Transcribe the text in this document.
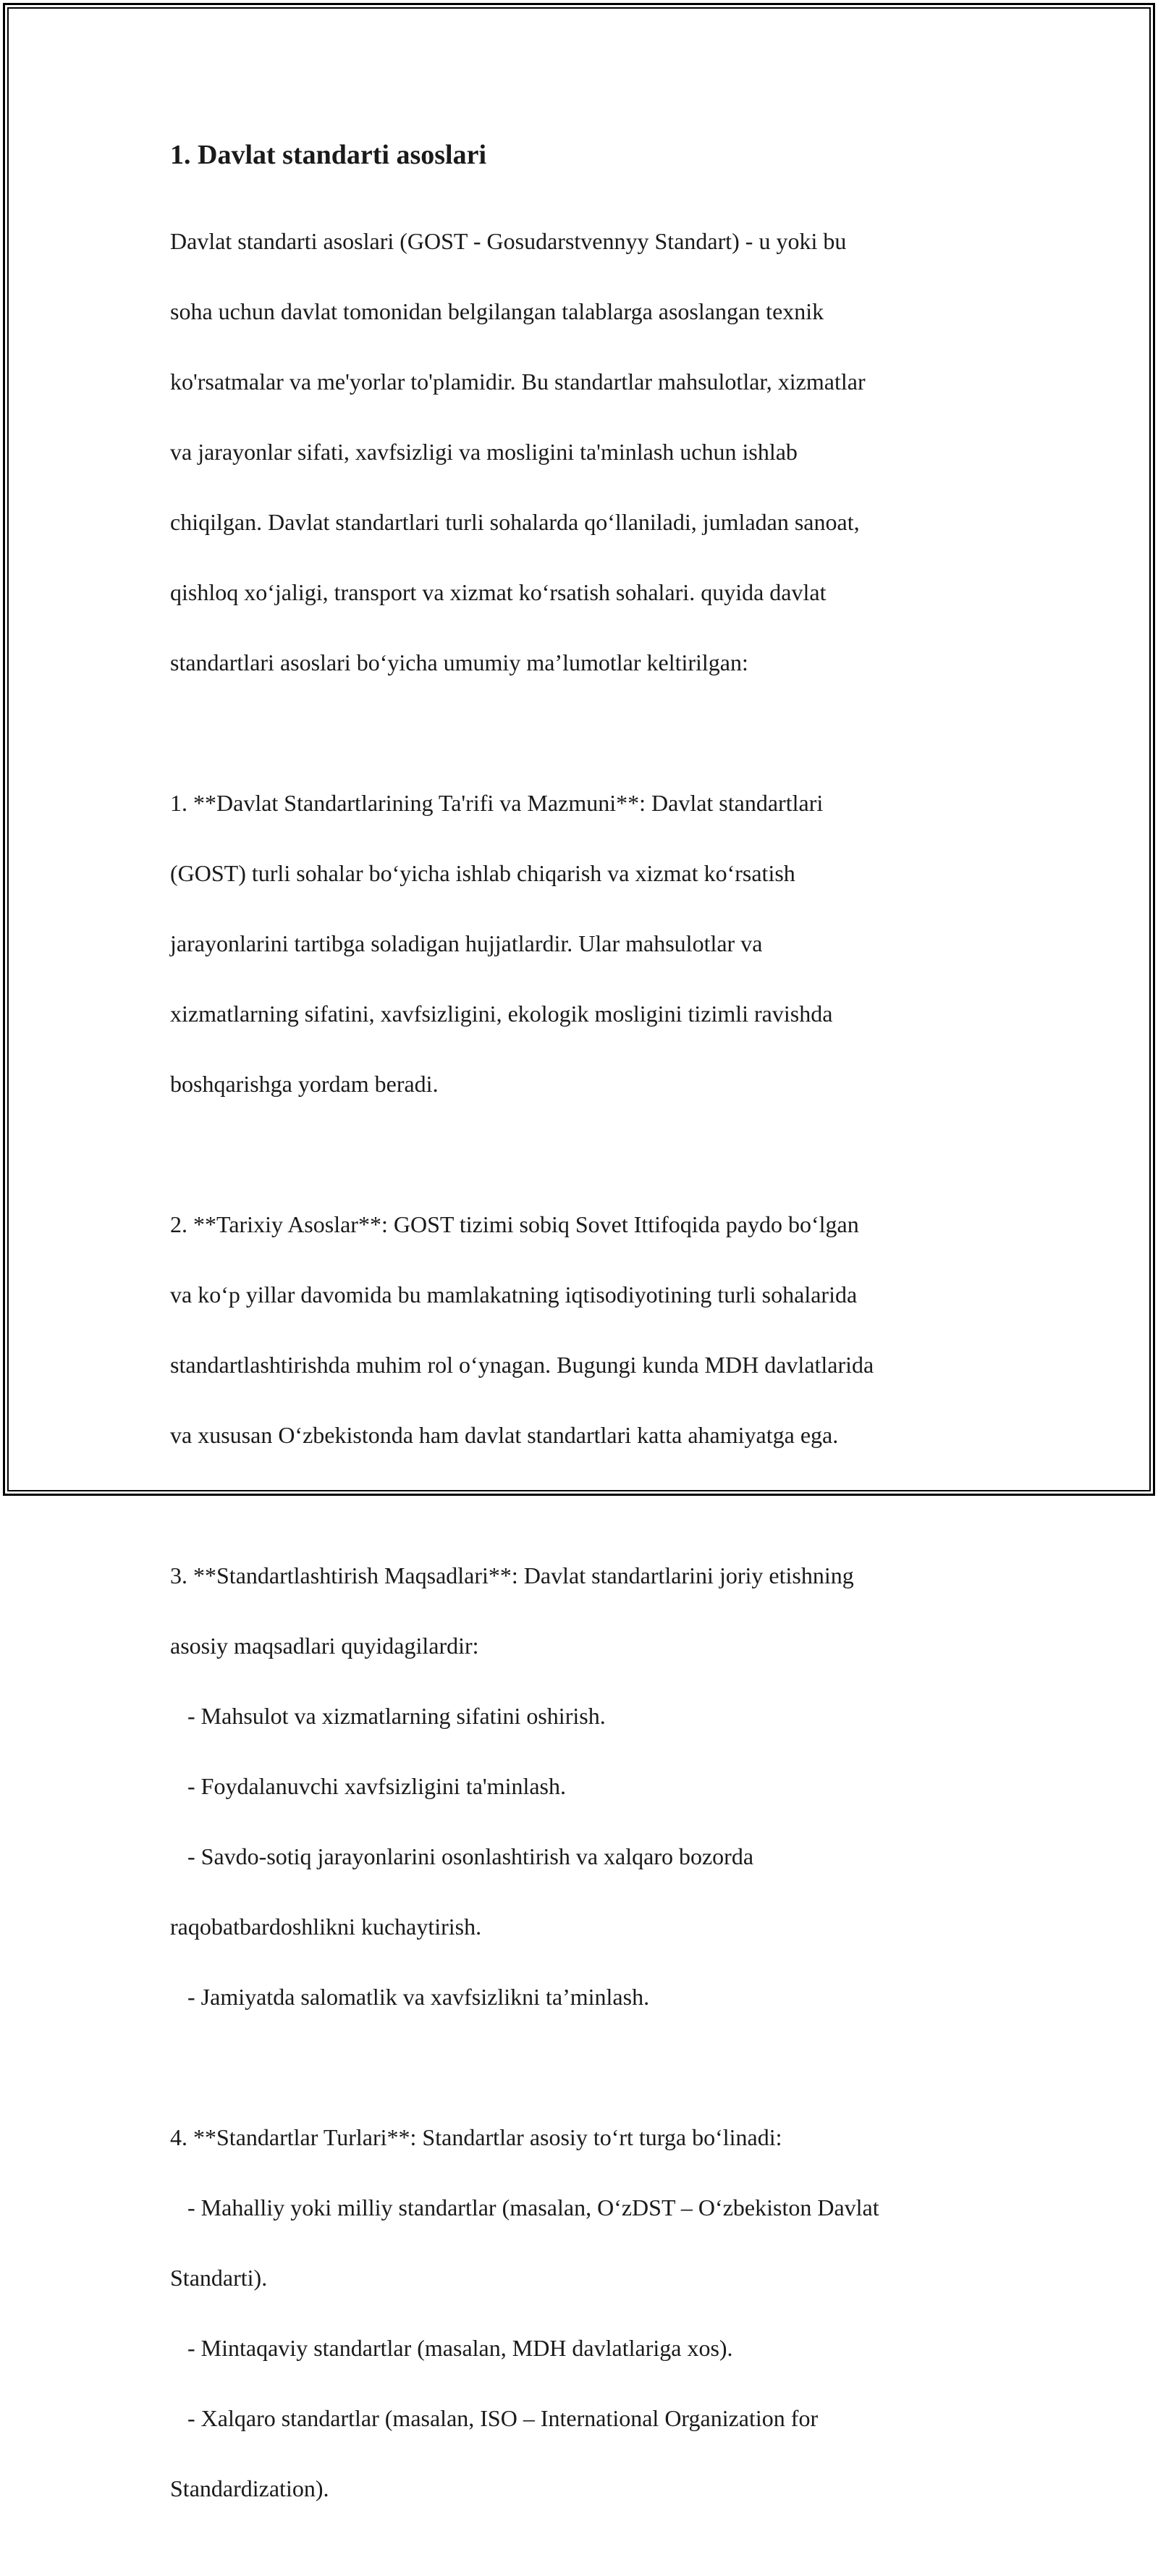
1. Davlat standarti asoslari

Davlat standarti asoslari (GOST - Gosudarstvennyy Standart) - u yoki bu

soha uchun davlat tomonidan belgilangan talablarga asoslangan texnik

ko'rsatmalar va me'yorlar to'plamidir. Bu standartlar mahsulotlar, xizmatlar

va jarayonlar sifati, xavfsizligi va mosligini ta'minlash uchun ishlab

chiqilgan. Davlat standartlari turli sohalarda qoʻllaniladi, jumladan sanoat,

qishloq xoʻjaligi, transport va xizmat koʻrsatish sohalari. quyida davlat

standartlari asoslari boʻyicha umumiy maʼlumotlar keltirilgan:

1. **Davlat Standartlarining Ta'rifi va Mazmuni**: Davlat standartlari

(GOST) turli sohalar boʻyicha ishlab chiqarish va xizmat koʻrsatish

jarayonlarini tartibga soladigan hujjatlardir. Ular mahsulotlar va

xizmatlarning sifatini, xavfsizligini, ekologik mosligini tizimli ravishda

boshqarishga yordam beradi.

2. **Tarixiy Asoslar**: GOST tizimi sobiq Sovet Ittifoqida paydo boʻlgan

va koʻp yillar davomida bu mamlakatning iqtisodiyotining turli sohalarida

standartlashtirishda muhim rol oʻynagan. Bugungi kunda MDH davlatlarida

va xususan Oʻzbekistonda ham davlat standartlari katta ahamiyatga ega.

3. **Standartlashtirish Maqsadlari**: Davlat standartlarini joriy etishning

asosiy maqsadlari quyidagilardir:

- Mahsulot va xizmatlarning sifatini oshirish.

- Foydalanuvchi xavfsizligini ta'minlash.

- Savdo-sotiq jarayonlarini osonlashtirish va xalqaro bozorda

raqobatbardoshlikni kuchaytirish.

- Jamiyatda salomatlik va xavfsizlikni taʼminlash.

4. **Standartlar Turlari**: Standartlar asosiy toʻrt turga boʻlinadi:

- Mahalliy yoki milliy standartlar (masalan, OʻzDST – Oʻzbekiston Davlat

Standarti).

- Mintaqaviy standartlar (masalan, MDH davlatlariga xos).

- Xalqaro standartlar (masalan, ISO – International Organization for

Standardization).
